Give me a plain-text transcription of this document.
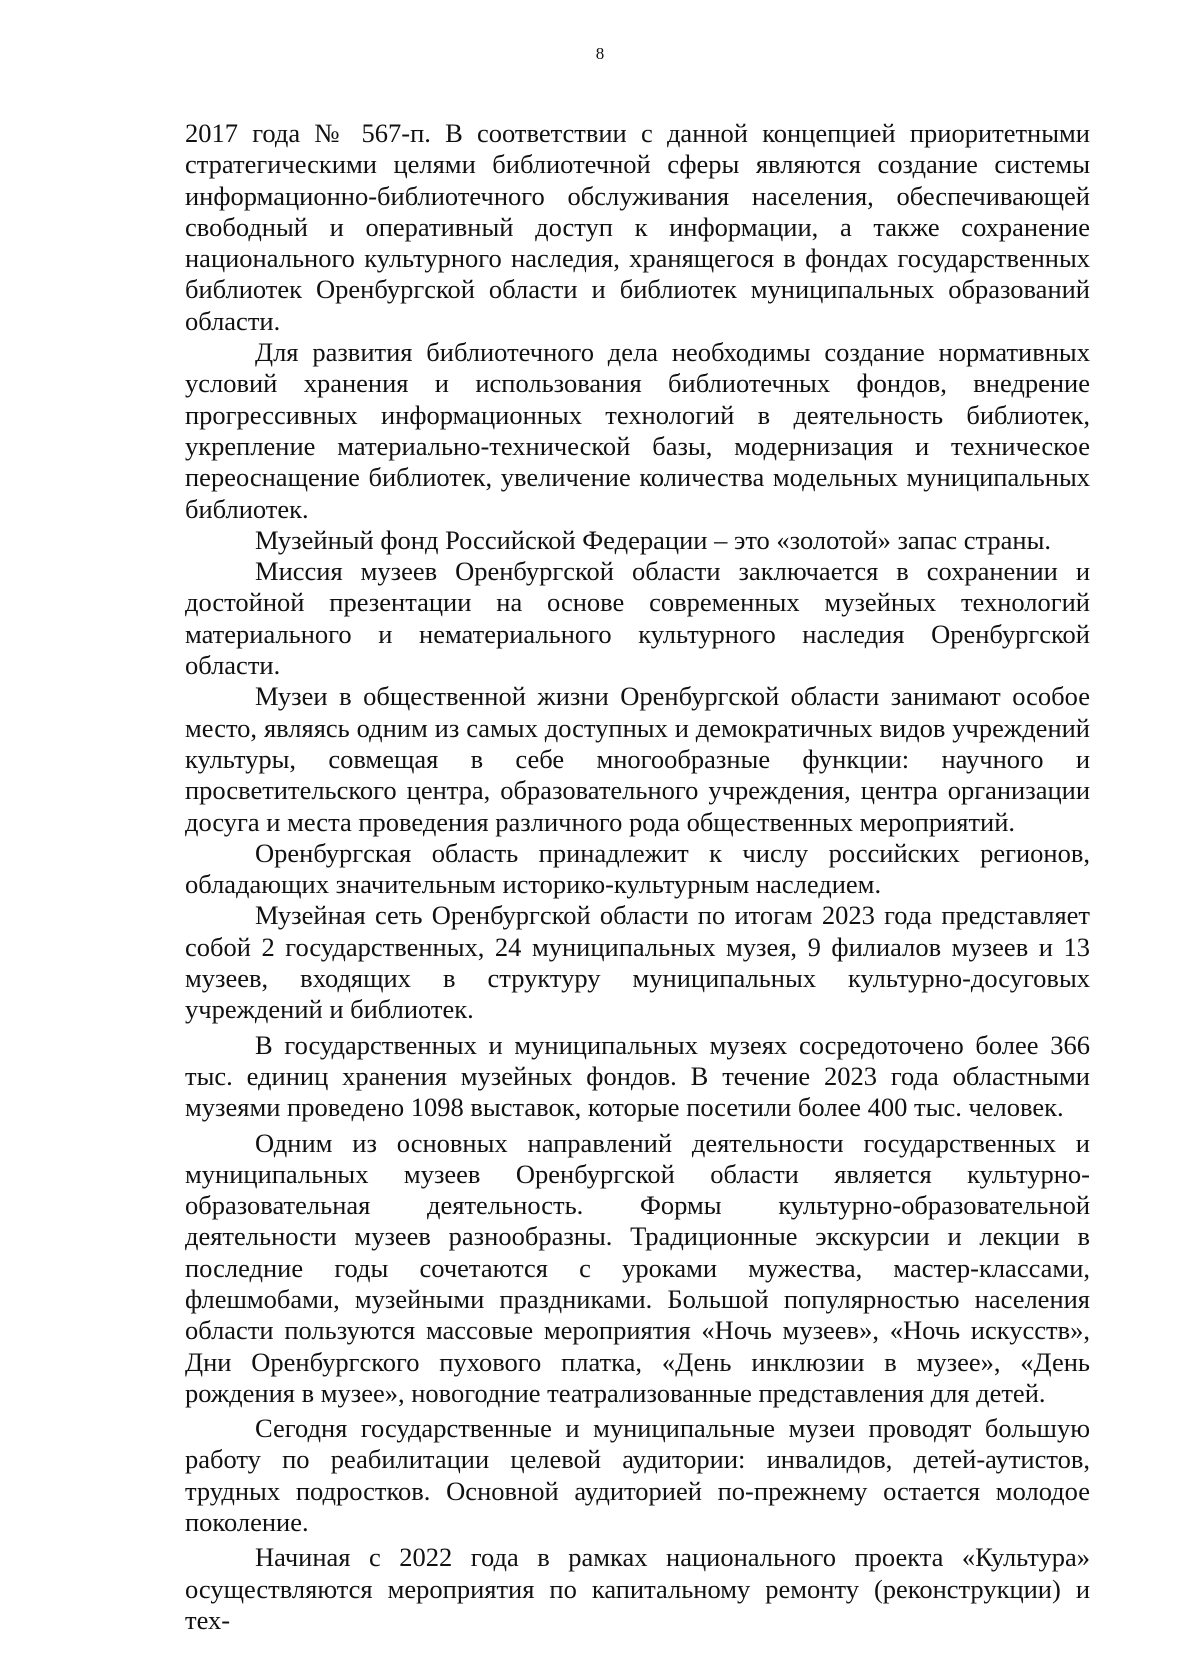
8

2017 года № 567-п. В соответствии с данной концепцией приоритетными стратегическими целями библиотечной сферы являются создание системы информационно-библиотечного обслуживания населения, обеспечивающей свободный и оперативный доступ к информации, а также сохранение национального культурного наследия, хранящегося в фондах государственных библиотек Оренбургской области и библиотек муниципальных образований области.

Для развития библиотечного дела необходимы создание нормативных условий хранения и использования библиотечных фондов, внедрение прогрессивных информационных технологий в деятельность библиотек, укрепление материально-технической базы, модернизация и техническое переоснащение библиотек, увеличение количества модельных муниципальных библиотек.

Музейный фонд Российской Федерации – это «золотой» запас страны.

Миссия музеев Оренбургской области заключается в сохранении и достойной презентации на основе современных музейных технологий материального и нематериального культурного наследия Оренбургской области.

Музеи в общественной жизни Оренбургской области занимают особое место, являясь одним из самых доступных и демократичных видов учреждений культуры, совмещая в себе многообразные функции: научного и просветительского центра, образовательного учреждения, центра организации досуга и места проведения различного рода общественных мероприятий.

Оренбургская область принадлежит к числу российских регионов, обладающих значительным историко-культурным наследием.

Музейная сеть Оренбургской области по итогам 2023 года представляет собой 2 государственных, 24 муниципальных музея, 9 филиалов музеев и 13 музеев, входящих в структуру муниципальных культурно-досуговых учреждений и библиотек.

В государственных и муниципальных музеях сосредоточено более 366 тыс. единиц хранения музейных фондов. В течение 2023 года областными музеями проведено 1098 выставок, которые посетили более 400 тыс. человек.

Одним из основных направлений деятельности государственных и муниципальных музеев Оренбургской области является культурно-образовательная деятельность. Формы культурно-образовательной деятельности музеев разнообразны. Традиционные экскурсии и лекции в последние годы сочетаются с уроками мужества, мастер-классами, флешмобами, музейными праздниками. Большой популярностью населения области пользуются массовые мероприятия «Ночь музеев», «Ночь искусств», Дни Оренбургского пухового платка, «День инклюзии в музее», «День рождения в музее», новогодние театрализованные представления для детей.

Сегодня государственные и муниципальные музеи проводят большую работу по реабилитации целевой аудитории: инвалидов, детей-аутистов, трудных подростков. Основной аудиторией по-прежнему остается молодое поколение.

Начиная с 2022 года в рамках национального проекта «Культура» осуществляются мероприятия по капитальному ремонту (реконструкции) и тех-
